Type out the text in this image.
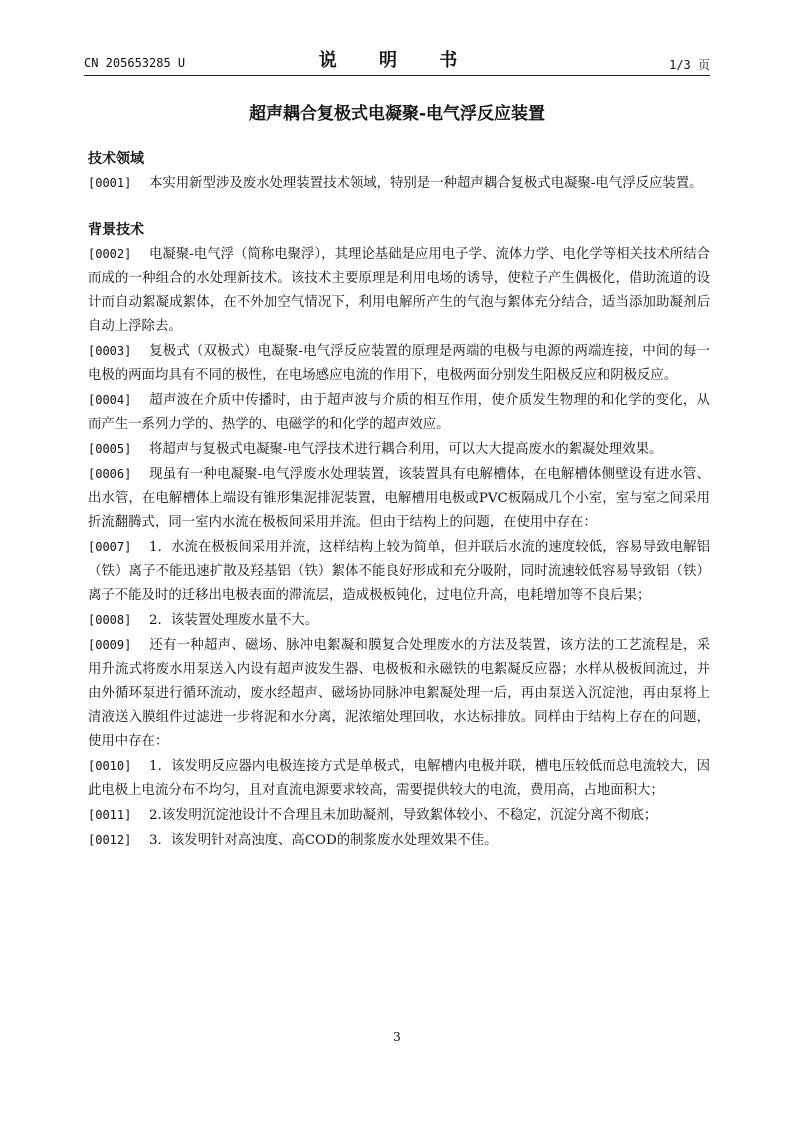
CN 205653285 U	说 明 书	1/3 页
超声耦合复极式电凝聚-电气浮反应装置
技术领域
[0001] 本实用新型涉及废水处理装置技术领域，特别是一种超声耦合复极式电凝聚-电气浮反应装置。
背景技术
[0002] 电凝聚-电气浮（简称电聚浮），其理论基础是应用电子学、流体力学、电化学等相关技术所结合而成的一种组合的水处理新技术。该技术主要原理是利用电场的诱导，使粒子产生偶极化，借助流道的设计而自动絮凝成絮体，在不外加空气情况下，利用电解所产生的气泡与絮体充分结合，适当添加助凝剂后自动上浮除去。
[0003] 复极式（双极式）电凝聚-电气浮反应装置的原理是两端的电极与电源的两端连接，中间的每一电极的两面均具有不同的极性，在电场感应电流的作用下，电极两面分别发生阳极反应和阴极反应。
[0004] 超声波在介质中传播时，由于超声波与介质的相互作用，使介质发生物理的和化学的变化，从而产生一系列力学的、热学的、电磁学的和化学的超声效应。
[0005] 将超声与复极式电凝聚-电气浮技术进行耦合利用，可以大大提高废水的絮凝处理效果。
[0006] 现虽有一种电凝聚-电气浮废水处理装置，该装置具有电解槽体，在电解槽体侧壁设有进水管、出水管，在电解槽体上端设有锥形集泥排泥装置，电解槽用电极或PVC板隔成几个小室，室与室之间采用折流翻腾式，同一室内水流在极板间采用并流。但由于结构上的问题，在使用中存在：
[0007] 1．水流在极板间采用并流，这样结构上较为简单，但并联后水流的速度较低，容易导致电解铝（铁）离子不能迅速扩散及羟基铝（铁）絮体不能良好形成和充分吸附，同时流速较低容易导致铝（铁）离子不能及时的迁移出电极表面的滞流层，造成极板钝化，过电位升高，电耗增加等不良后果；
[0008] 2．该装置处理废水量不大。
[0009] 还有一种超声、磁场、脉冲电絮凝和膜复合处理废水的方法及装置，该方法的工艺流程是，采用升流式将废水用泵送入内设有超声波发生器、电极板和永磁铁的电絮凝反应器；水样从极板间流过，并由外循环泵进行循环流动，废水经超声、磁场协同脉冲电絮凝处理一后，再由泵送入沉淀池，再由泵将上清液送入膜组件过滤进一步将泥和水分离，泥浓缩处理回收，水达标排放。同样由于结构上存在的问题，使用中存在：
[0010] 1．该发明反应器内电极连接方式是单极式，电解槽内电极并联，槽电压较低而总电流较大，因此电极上电流分布不均匀，且对直流电源要求较高，需要提供较大的电流，费用高，占地面积大；
[0011] 2.该发明沉淀池设计不合理且未加助凝剂，导致絮体较小、不稳定，沉淀分离不彻底；
[0012] 3．该发明针对高浊度、高COD的制浆废水处理效果不佳。
3
